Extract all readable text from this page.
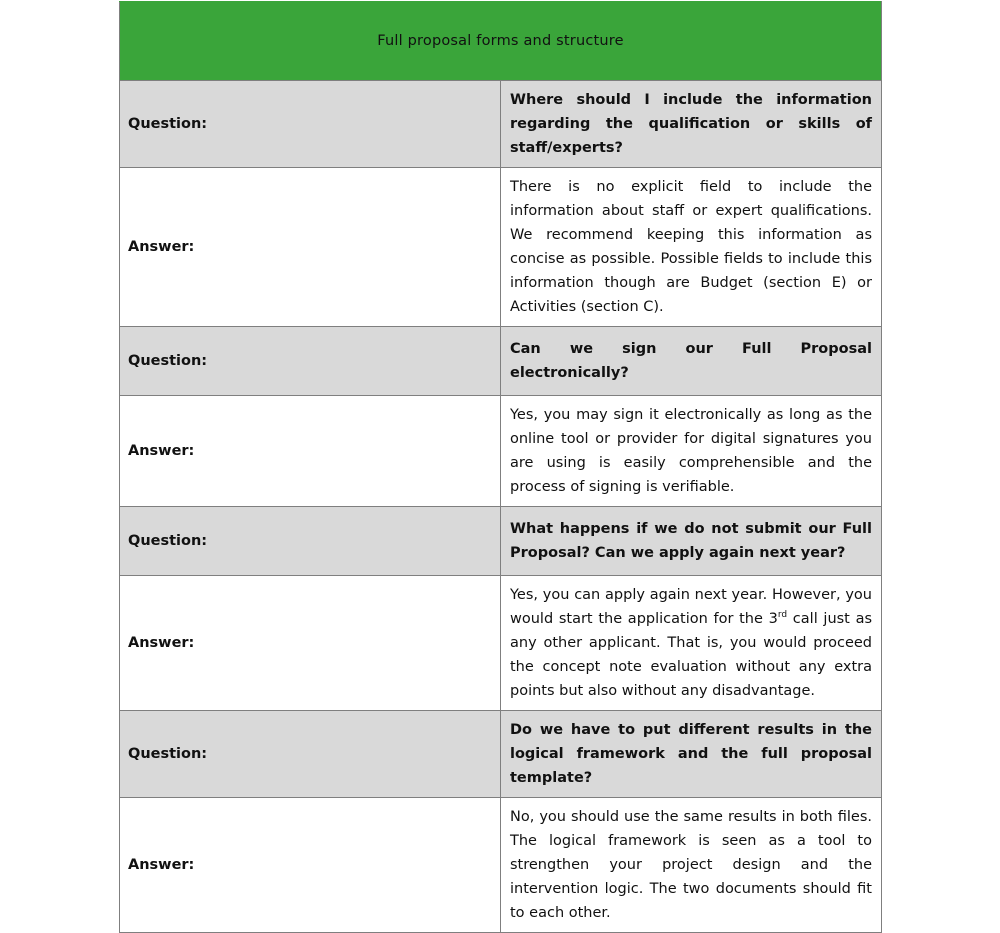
Full proposal forms and structure	
Question:	Where should I include the information regarding the qualification or skills of staff/experts?
Answer:	There is no explicit field to include the information about staff or expert qualifications. We recommend keeping this information as concise as possible. Possible fields to include this information though are Budget (section E) or Activities (section C).
Question:	Can we sign our Full Proposal electronically?
Answer:	Yes, you may sign it electronically as long as the online tool or provider for digital signatures you are using is easily comprehensible and the process of signing is verifiable.
Question:	What happens if we do not submit our Full Proposal? Can we apply again next year?
Answer:	Yes, you can apply again next year. However, you would start the application for the 3rd call just as any other applicant. That is, you would proceed the concept note evaluation without any extra points but also without any disadvantage.
Question:	Do we have to put different results in the logical framework and the full proposal template?
Answer:	No, you should use the same results in both files. The logical framework is seen as a tool to strengthen your project design and the intervention logic. The two documents should fit to each other.
